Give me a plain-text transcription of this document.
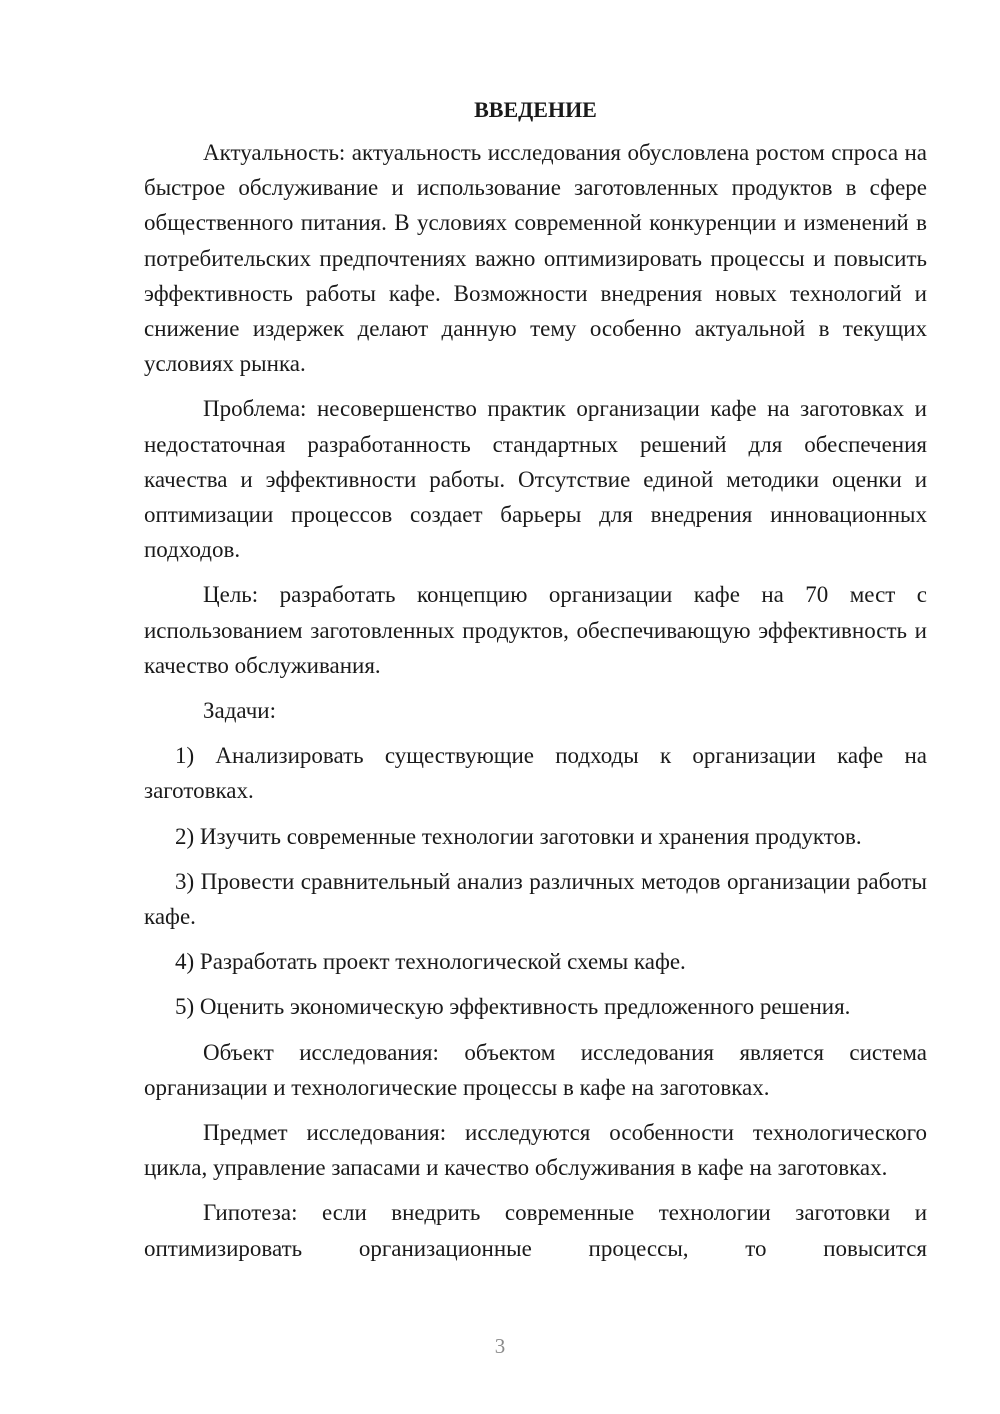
ВВЕДЕНИЕ

Актуальность: актуальность исследования обусловлена ростом спроса на быстрое обслуживание и использование заготовленных продуктов в сфере общественного питания. В условиях современной конкуренции и изменений в потребительских предпочтениях важно оптимизировать процессы и повысить эффективность работы кафе. Возможности внедрения новых технологий и снижение издержек делают данную тему особенно актуальной в текущих условиях рынка.

Проблема: несовершенство практик организации кафе на заготовках и недостаточная разработанность стандартных решений для обеспечения качества и эффективности работы. Отсутствие единой методики оценки и оптимизации процессов создает барьеры для внедрения инновационных подходов.

Цель: разработать концепцию организации кафе на 70 мест с использованием заготовленных продуктов, обеспечивающую эффективность и качество обслуживания.

Задачи:

1) Анализировать существующие подходы к организации кафе на заготовках.

2) Изучить современные технологии заготовки и хранения продуктов.

3) Провести сравнительный анализ различных методов организации работы кафе.

4) Разработать проект технологической схемы кафе.

5) Оценить экономическую эффективность предложенного решения.

Объект исследования: объектом исследования является система организации и технологические процессы в кафе на заготовках.

Предмет исследования: исследуются особенности технологического цикла, управление запасами и качество обслуживания в кафе на заготовках.

Гипотеза: если внедрить современные технологии заготовки и оптимизировать организационные процессы, то повысится

3
